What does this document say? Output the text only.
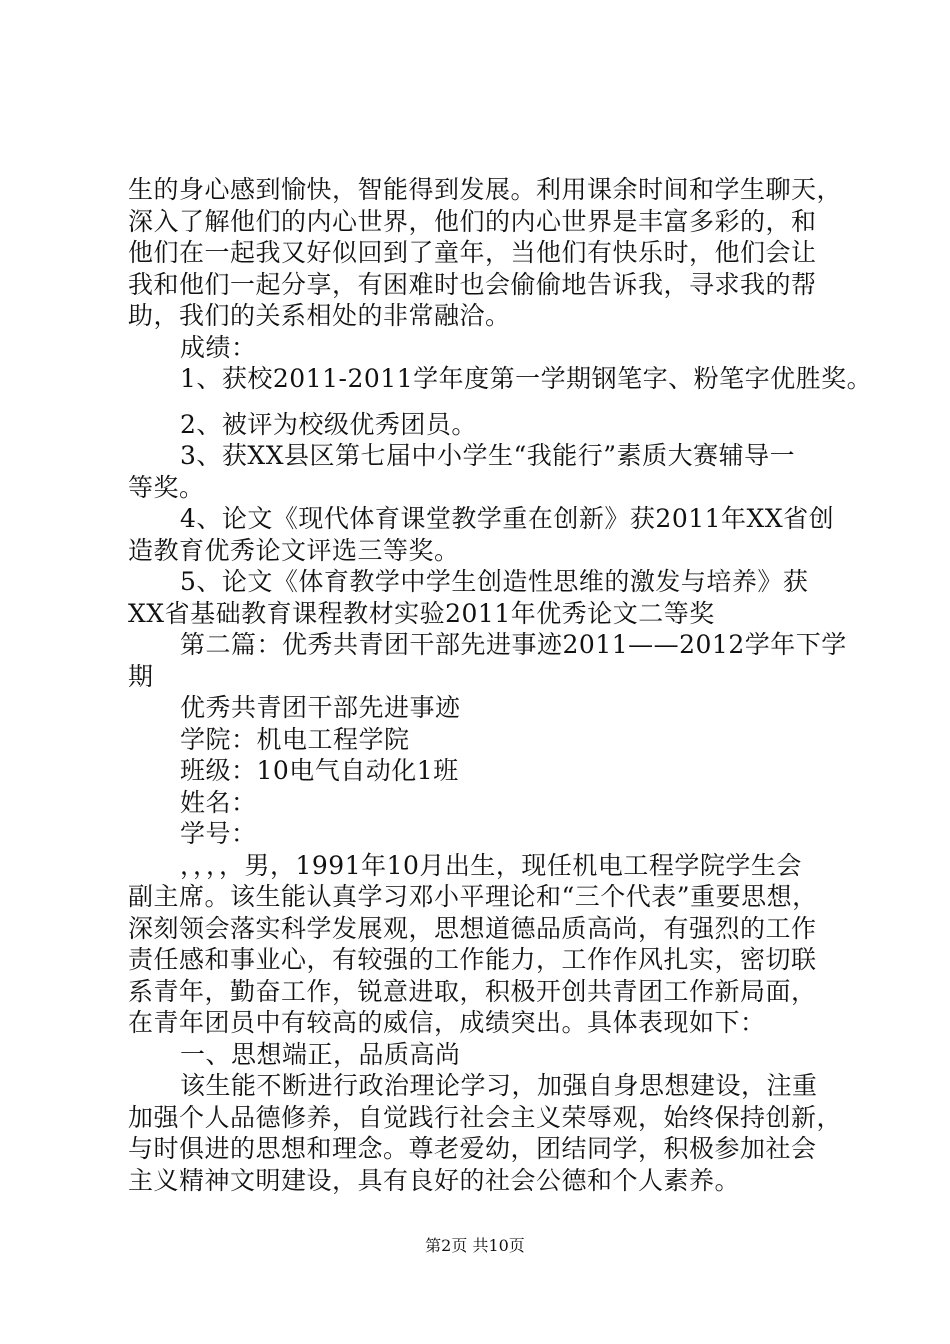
生的身心感到愉快，智能得到发展。利用课余时间和学生聊天，
深入了解他们的内心世界，他们的内心世界是丰富多彩的，和
他们在一起我又好似回到了童年，当他们有快乐时，他们会让
我和他们一起分享，有困难时也会偷偷地告诉我，寻求我的帮
助，我们的关系相处的非常融洽。
成绩：
1、获校2011-2011学年度第一学期钢笔字、粉笔字优胜奖。
2、被评为校级优秀团员。
3、获XX县区第七届中小学生“我能行”素质大赛辅导一
等奖。
4、论文《现代体育课堂教学重在创新》获2011年XX省创
造教育优秀论文评选三等奖。
5、论文《体育教学中学生创造性思维的激发与培养》获
XX省基础教育课程教材实验2011年优秀论文二等奖
第二篇：优秀共青团干部先进事迹2011——2012学年下学
期
优秀共青团干部先进事迹
学院：机电工程学院
班级：10电气自动化1班
姓名：
学号：
，，，，男，1991年10月出生，现任机电工程学院学生会
副主席。该生能认真学习邓小平理论和“三个代表”重要思想，
深刻领会落实科学发展观，思想道德品质高尚，有强烈的工作
责任感和事业心，有较强的工作能力，工作作风扎实，密切联
系青年，勤奋工作，锐意进取，积极开创共青团工作新局面，
在青年团员中有较高的威信，成绩突出。具体表现如下：
一、思想端正，品质高尚
该生能不断进行政治理论学习，加强自身思想建设，注重
加强个人品德修养，自觉践行社会主义荣辱观，始终保持创新，
与时俱进的思想和理念。尊老爱幼，团结同学，积极参加社会
主义精神文明建设，具有良好的社会公德和个人素养。
第2页 共10页
